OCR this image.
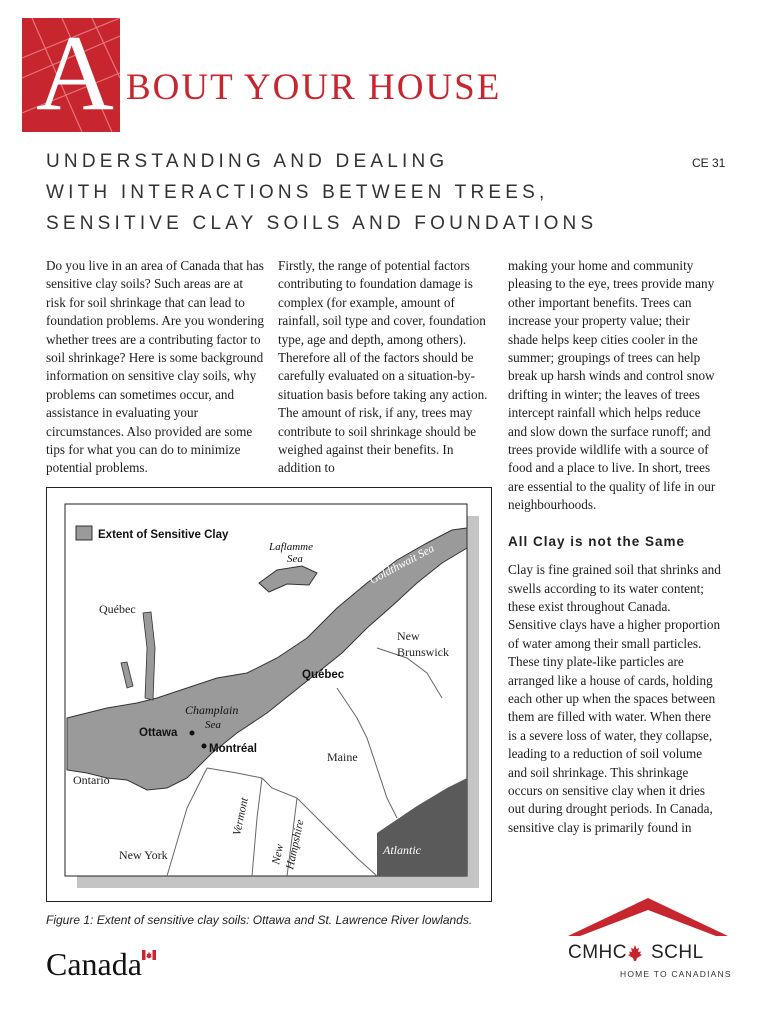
A BOUT YOUR HOUSE
UNDERSTANDING AND DEALING
WITH INTERACTIONS BETWEEN TREES,
SENSITIVE CLAY SOILS AND FOUNDATIONS
CE 31

Do you live in an area of Canada that has sensitive clay soils? Such areas are at risk for soil shrinkage that can lead to foundation problems. Are you wondering whether trees are a contributing factor to soil shrinkage? Here is some background information on sensitive clay soils, why problems can sometimes occur, and assistance in evaluating your circumstances. Also provided are some tips for what you can do to minimize potential problems.

Firstly, the range of potential factors contributing to foundation damage is complex (for example, amount of rainfall, soil type and cover, foundation type, age and depth, among others). Therefore all of the factors should be carefully evaluated on a situation-by-situation basis before taking any action. The amount of risk, if any, trees may contribute to soil shrinkage should be weighed against their benefits. In addition to

making your home and community pleasing to the eye, trees provide many other important benefits. Trees can increase your property value; their shade helps keep cities cooler in the summer; groupings of trees can help break up harsh winds and control snow drifting in winter; the leaves of trees intercept rainfall which helps reduce and slow down the surface runoff; and trees provide wildlife with a source of food and a place to live. In short, trees are essential to the quality of life in our neighbourhoods.

All Clay is not the Same

Clay is fine grained soil that shrinks and swells according to its water content; these exist throughout Canada. Sensitive clays have a higher proportion of water among their small particles. These tiny plate-like particles are arranged like a house of cards, holding each other up when the spaces between them are filled with water. When there is a severe loss of water, they collapse, leading to a reduction of soil volume and soil shrinkage. This shrinkage occurs on sensitive clay when it dries out during drought periods. In Canada, sensitive clay is primarily found in

Extent of Sensitive Clay
Laflamme
Sea	Goldthwait Sea
Québec
New
Brunswick
Québec
Champlain
Sea
Ottawa
Montréal
Maine
Ontario
Vermont
New
Hampshire
New York	Atlantic
Figure 1: Extent of sensitive clay soils: Ottawa and St. Lawrence River lowlands.
Canada	CMHC SCHL
HOME TO CANADIANS
